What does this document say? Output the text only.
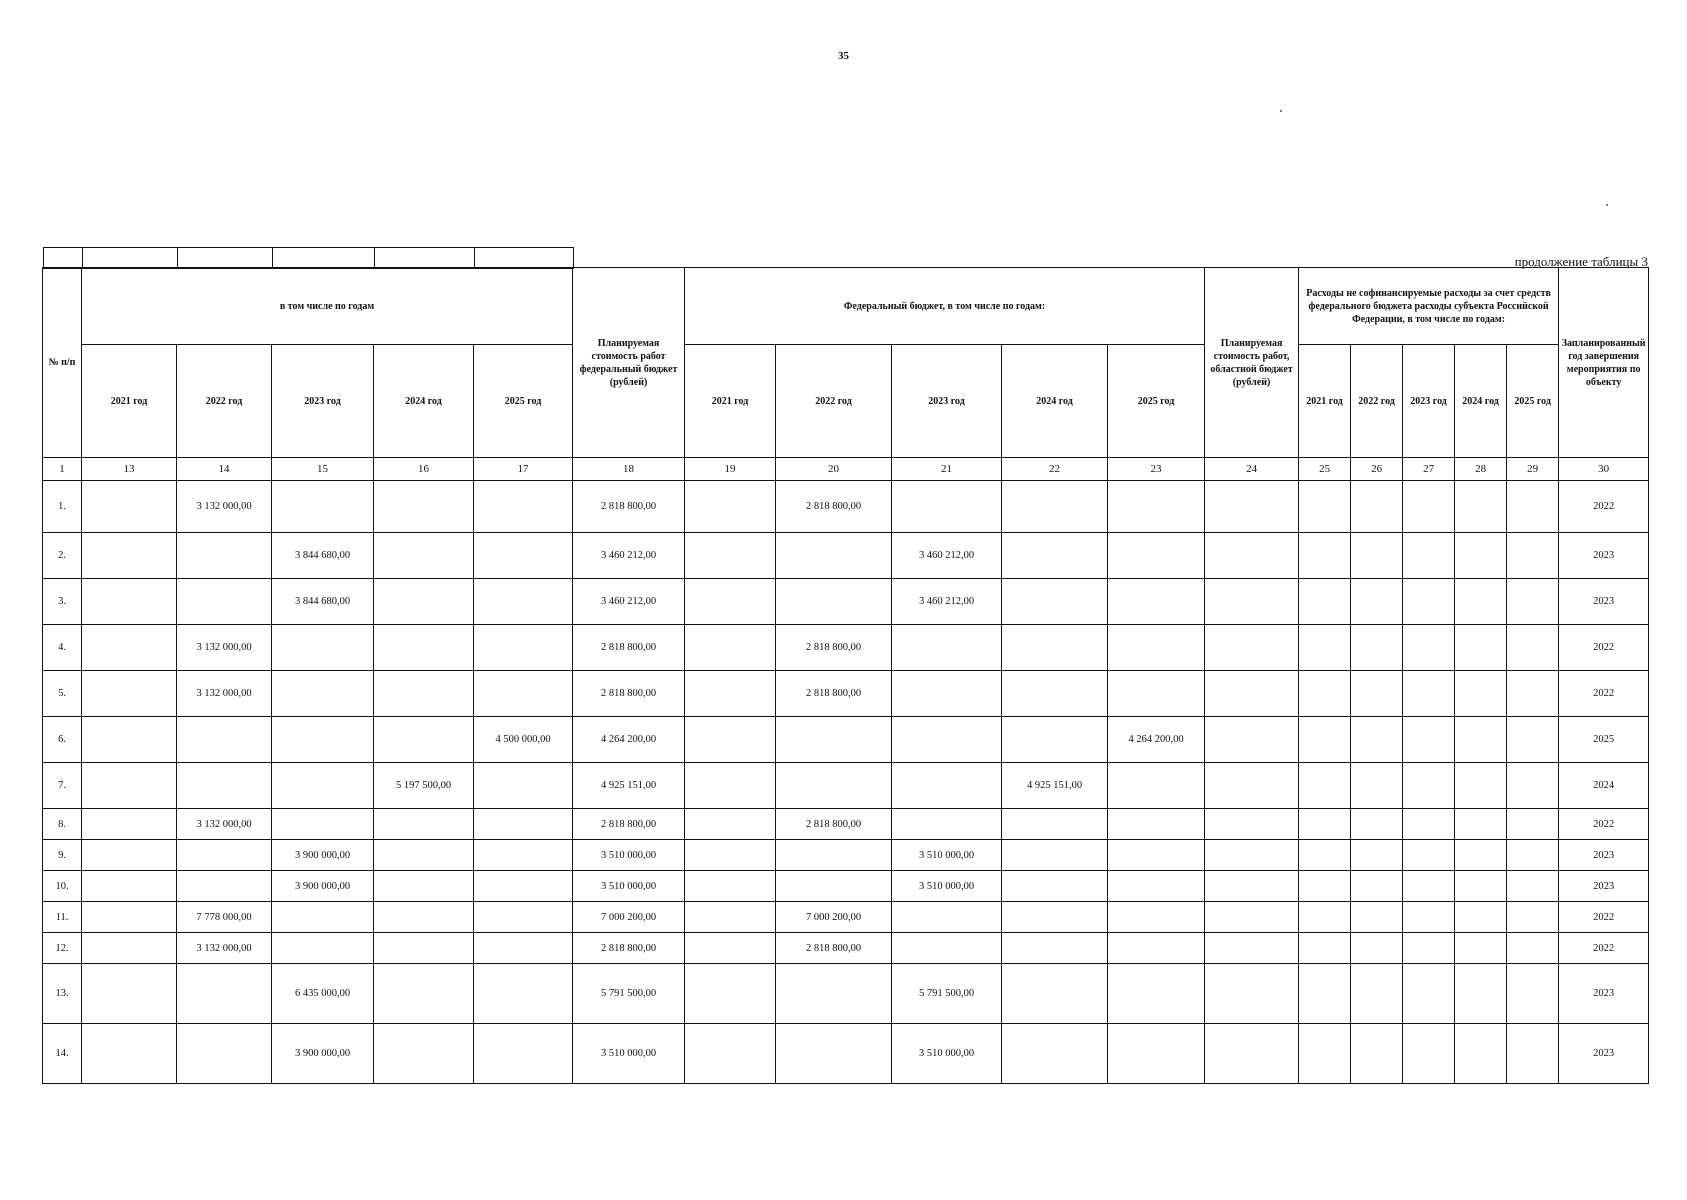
35

продолжение таблицы 3
№ п/п	в том числе по годам					Планируемая стоимость работ федеральный бюджет (рублей)	Федеральный бюджет, в том числе по годам:					Планируемая стоимость работ, областной бюджет (рублей)	Расходы не софинансируемые расходы за счет средств федерального бюджета расходы субъекта Российской Федерации, в том числе по годам:					Запланированный год завершения мероприятия по объекту
	2021 год	2022 год	2023 год	2024 год	2025 год		2021 год	2022 год	2023 год	2024 год	2025 год		2021 год	2022 год	2023 год	2024 год	2025 год	
1	13	14	15	16	17	18	19	20	21	22	23	24	25	26	27	28	29	30
1.		3 132 000,00				2 818 800,00		2 818 800,00										2022
2.			3 844 680,00			3 460 212,00			3 460 212,00									2023
3.			3 844 680,00			3 460 212,00			3 460 212,00									2023
4.		3 132 000,00				2 818 800,00		2 818 800,00										2022
5.		3 132 000,00				2 818 800,00		2 818 800,00										2022
6.					4 500 000,00	4 264 200,00					4 264 200,00							2025
7.				5 197 500,00		4 925 151,00				4 925 151,00								2024
8.		3 132 000,00				2 818 800,00		2 818 800,00										2022
9.			3 900 000,00			3 510 000,00			3 510 000,00									2023
10.			3 900 000,00			3 510 000,00			3 510 000,00									2023
11.		7 778 000,00				7 000 200,00		7 000 200,00										2022
12.		3 132 000,00				2 818 800,00		2 818 800,00										2022
13.			6 435 000,00			5 791 500,00			5 791 500,00									2023
14.			3 900 000,00			3 510 000,00			3 510 000,00									2023
